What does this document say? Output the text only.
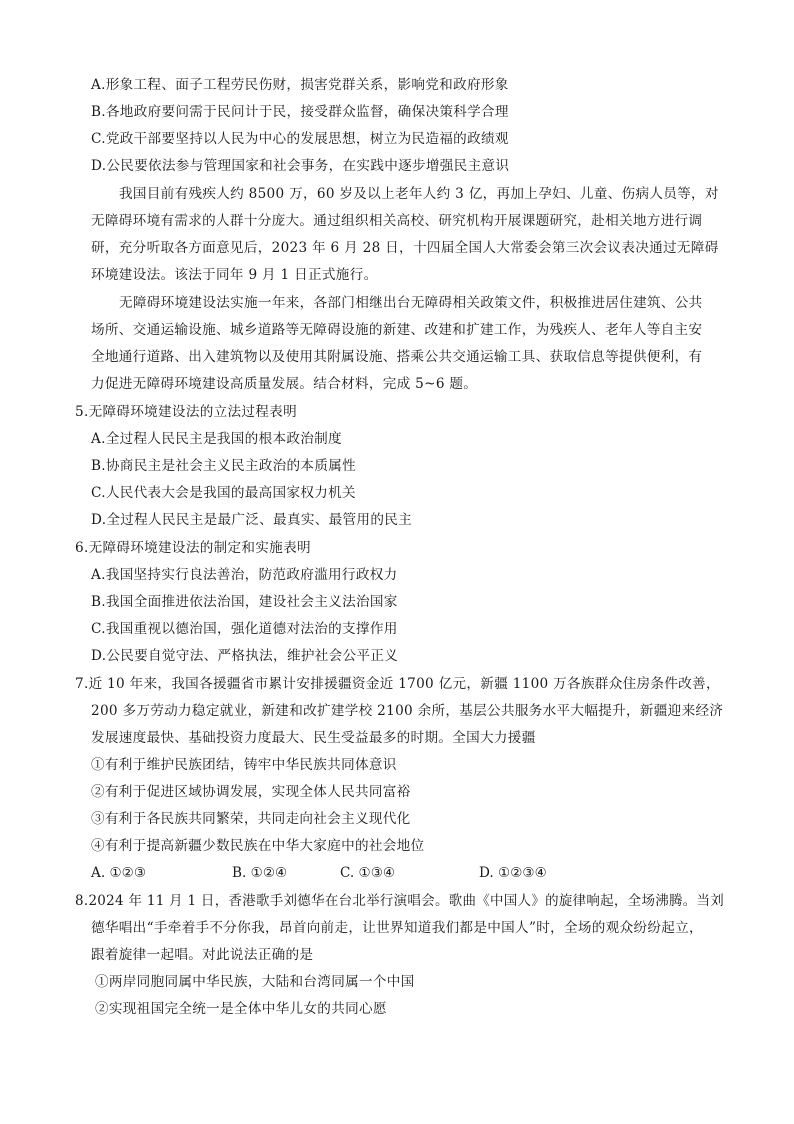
A.形象工程、面子工程劳民伤财，损害党群关系，影响党和政府形象
B.各地政府要问需于民问计于民，接受群众监督，确保决策科学合理
C.党政干部要坚持以人民为中心的发展思想，树立为民造福的政绩观
D.公民要依法参与管理国家和社会事务，在实践中逐步增强民主意识
我国目前有残疾人约 8500 万，60 岁及以上老年人约 3 亿，再加上孕妇、儿童、伤病人员等，对
无障碍环境有需求的人群十分庞大。通过组织相关高校、研究机构开展课题研究，赴相关地方进行调
研，充分听取各方面意见后，2023 年 6 月 28 日，十四届全国人大常委会第三次会议表决通过无障碍
环境建设法。该法于同年 9 月 1 日正式施行。
无障碍环境建设法实施一年来，各部门相继出台无障碍相关政策文件，积极推进居住建筑、公共
场所、交通运输设施、城乡道路等无障碍设施的新建、改建和扩建工作，为残疾人、老年人等自主安
全地通行道路、出入建筑物以及使用其附属设施、搭乘公共交通运输工具、获取信息等提供便利，有
力促进无障碍环境建设高质量发展。结合材料，完成 5~6 题。
5.无障碍环境建设法的立法过程表明
A.全过程人民民主是我国的根本政治制度
B.协商民主是社会主义民主政治的本质属性
C.人民代表大会是我国的最高国家权力机关
D.全过程人民民主是最广泛、最真实、最管用的民主
6.无障碍环境建设法的制定和实施表明
A.我国坚持实行良法善治，防范政府滥用行政权力
B.我国全面推进依法治国，建设社会主义法治国家
C.我国重视以德治国，强化道德对法治的支撑作用
D.公民要自觉守法、严格执法，维护社会公平正义
7.近 10 年来，我国各援疆省市累计安排援疆资金近 1700 亿元，新疆 1100 万各族群众住房条件改善，
200 多万劳动力稳定就业，新建和改扩建学校 2100 余所，基层公共服务水平大幅提升，新疆迎来经济
发展速度最快、基础投资力度最大、民生受益最多的时期。全国大力援疆
①有利于维护民族团结，铸牢中华民族共同体意识
②有利于促进区域协调发展，实现全体人民共同富裕
③有利于各民族共同繁荣，共同走向社会主义现代化
④有利于提高新疆少数民族在中华大家庭中的社会地位
A. ①②③	B. ①②④	C. ①③④	D. ①②③④
8.2024 年 11 月 1 日，香港歌手刘德华在台北举行演唱会。歌曲《中国人》的旋律响起，全场沸腾。当刘
德华唱出“手牵着手不分你我，昂首向前走，让世界知道我们都是中国人”时，全场的观众纷纷起立，
跟着旋律一起唱。对此说法正确的是
①两岸同胞同属中华民族，大陆和台湾同属一个中国
②实现祖国完全统一是全体中华儿女的共同心愿
